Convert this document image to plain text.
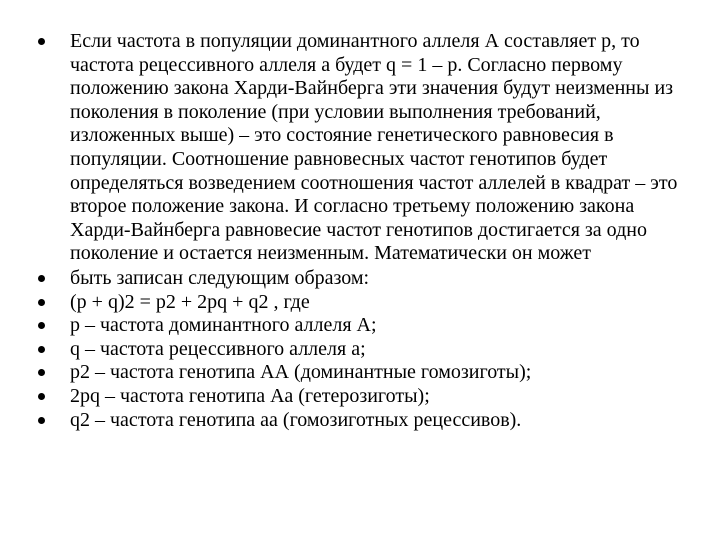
Если частота в популяции доминантного аллеля А составляет р, то частота рецессивного аллеля а будет q = 1 – р. Согласно первому положению закона Харди-Вайнберга эти значения будут неизменны из поколения в поколение (при условии выполнения требований, изложенных выше) – это состояние генетического равновесия в популяции. Соотношение равновесных частот генотипов будет определяться возведением соотношения частот аллелей в квадрат – это второе положение закона. И согласно третьему положению закона Харди-Вайнберга равновесие частот генотипов достигается за одно поколение и остается неизменным. Математически он может
быть записан следующим образом:
(р + q)2 = р2 + 2pq + q2 , где
р – частота доминантного аллеля А;
q – частота рецессивного аллеля а;
р2 – частота генотипа АА (доминантные гомозиготы);
2pq – частота генотипа Аа (гетерозиготы);
q2 – частота генотипа аа (гомозиготных рецессивов).
